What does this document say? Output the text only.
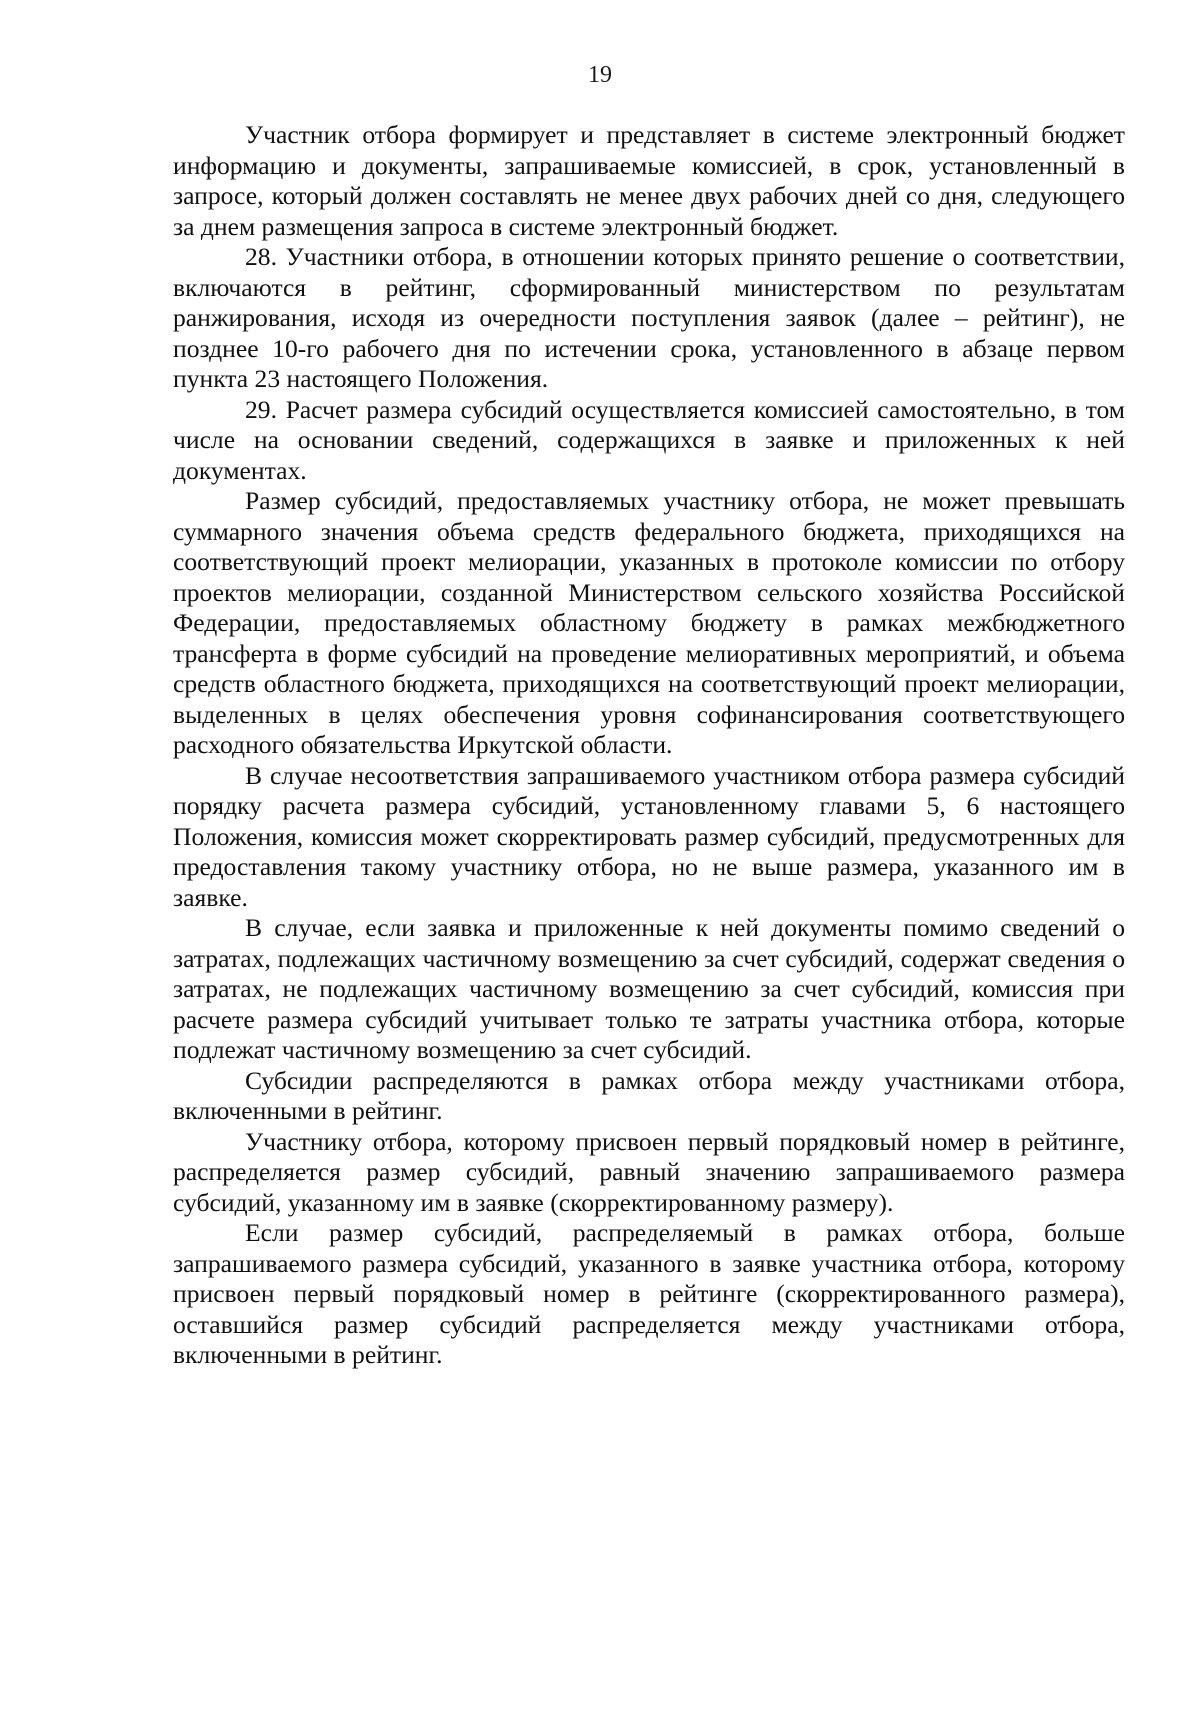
19

Участник отбора формирует и представляет в системе электронный бюджет информацию и документы, запрашиваемые комиссией, в срок, установленный в запросе, который должен составлять не менее двух рабочих дней со дня, следующего за днем размещения запроса в системе электронный бюджет.

28. Участники отбора, в отношении которых принято решение о соответствии, включаются в рейтинг, сформированный министерством по результатам ранжирования, исходя из очередности поступления заявок (далее – рейтинг), не позднее 10-го рабочего дня по истечении срока, установленного в абзаце первом пункта 23 настоящего Положения.

29. Расчет размера субсидий осуществляется комиссией самостоятельно, в том числе на основании сведений, содержащихся в заявке и приложенных к ней документах.

Размер субсидий, предоставляемых участнику отбора, не может превышать суммарного значения объема средств федерального бюджета, приходящихся на соответствующий проект мелиорации, указанных в протоколе комиссии по отбору проектов мелиорации, созданной Министерством сельского хозяйства Российской Федерации, предоставляемых областному бюджету в рамках межбюджетного трансферта в форме субсидий на проведение мелиоративных мероприятий, и объема средств областного бюджета, приходящихся на соответствующий проект мелиорации, выделенных в целях обеспечения уровня софинансирования соответствующего расходного обязательства Иркутской области.

В случае несоответствия запрашиваемого участником отбора размера субсидий порядку расчета размера субсидий, установленному главами 5, 6 настоящего Положения, комиссия может скорректировать размер субсидий, предусмотренных для предоставления такому участнику отбора, но не выше размера, указанного им в заявке.

В случае, если заявка и приложенные к ней документы помимо сведений о затратах, подлежащих частичному возмещению за счет субсидий, содержат сведения о затратах, не подлежащих частичному возмещению за счет субсидий, комиссия при расчете размера субсидий учитывает только те затраты участника отбора, которые подлежат частичному возмещению за счет субсидий.

Субсидии распределяются в рамках отбора между участниками отбора, включенными в рейтинг.

Участнику отбора, которому присвоен первый порядковый номер в рейтинге, распределяется размер субсидий, равный значению запрашиваемого размера субсидий, указанному им в заявке (скорректированному размеру).

Если размер субсидий, распределяемый в рамках отбора, больше запрашиваемого размера субсидий, указанного в заявке участника отбора, которому присвоен первый порядковый номер в рейтинге (скорректированного размера), оставшийся размер субсидий распределяется между участниками отбора, включенными в рейтинг.
